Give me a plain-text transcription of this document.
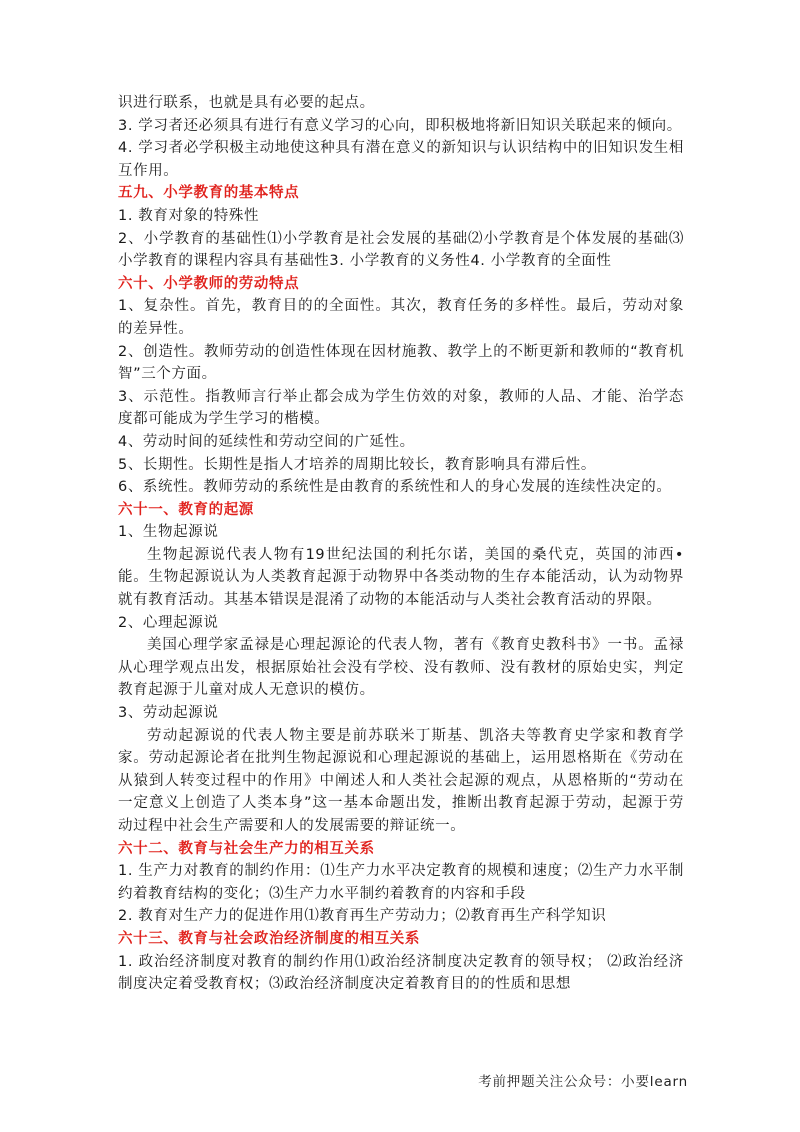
识进行联系，也就是具有必要的起点。

3. 学习者还必须具有进行有意义学习的心向，即积极地将新旧知识关联起来的倾向。

4. 学习者必学积极主动地使这种具有潜在意义的新知识与认识结构中的旧知识发生相互作用。

五九、小学教育的基本特点

1. 教育对象的特殊性

2、小学教育的基础性⑴小学教育是社会发展的基础⑵小学教育是个体发展的基础⑶小学教育的课程内容具有基础性3. 小学教育的义务性4. 小学教育的全面性

六十、小学教师的劳动特点

1、复杂性。首先，教育目的的全面性。其次，教育任务的多样性。最后，劳动对象的差异性。

2、创造性。教师劳动的创造性体现在因材施教、教学上的不断更新和教师的“教育机智”三个方面。

3、示范性。指教师言行举止都会成为学生仿效的对象，教师的人品、才能、治学态度都可能成为学生学习的楷模。

4、劳动时间的延续性和劳动空间的广延性。

5、长期性。长期性是指人才培养的周期比较长，教育影响具有滞后性。

6、系统性。教师劳动的系统性是由教育的系统性和人的身心发展的连续性决定的。

六十一、教育的起源

1、生物起源说

生物起源说代表人物有19世纪法国的利托尔诺，美国的桑代克，英国的沛西•能。生物起源说认为人类教育起源于动物界中各类动物的生存本能活动，认为动物界就有教育活动。其基本错误是混淆了动物的本能活动与人类社会教育活动的界限。

2、心理起源说

美国心理学家孟禄是心理起源论的代表人物，著有《教育史教科书》一书。孟禄从心理学观点出发，根据原始社会没有学校、没有教师、没有教材的原始史实，判定教育起源于儿童对成人无意识的模仿。

3、劳动起源说

劳动起源说的代表人物主要是前苏联米丁斯基、凯洛夫等教育史学家和教育学家。劳动起源论者在批判生物起源说和心理起源说的基础上，运用恩格斯在《劳动在从猿到人转变过程中的作用》中阐述人和人类社会起源的观点，从恩格斯的“劳动在一定意义上创造了人类本身”这一基本命题出发，推断出教育起源于劳动，起源于劳动过程中社会生产需要和人的发展需要的辩证统一。

六十二、教育与社会生产力的相互关系

1. 生产力对教育的制约作用：⑴生产力水平决定教育的规模和速度；⑵生产力水平制约着教育结构的变化；⑶生产力水平制约着教育的内容和手段

2. 教育对生产力的促进作用⑴教育再生产劳动力；⑵教育再生产科学知识

六十三、教育与社会政治经济制度的相互关系

1. 政治经济制度对教育的制约作用⑴政治经济制度决定教育的领导权； ⑵政治经济制度决定着受教育权；⑶政治经济制度决定着教育目的的性质和思想

考前押题关注公众号：小要learn
